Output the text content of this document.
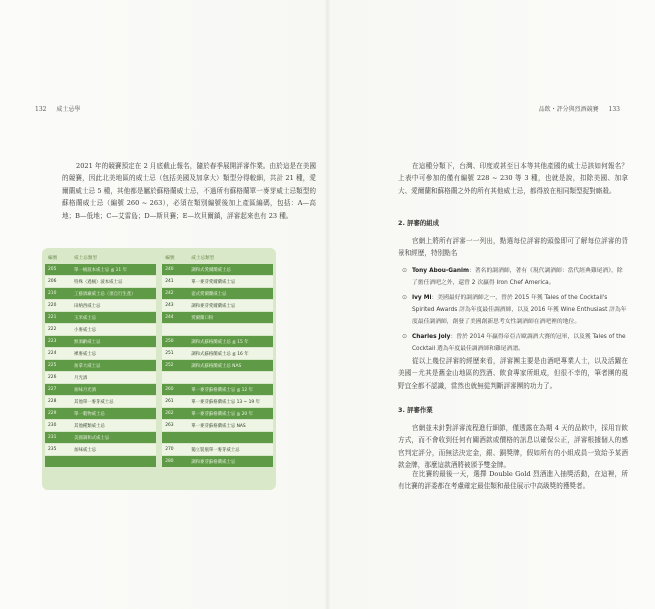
132 威士忌學

2021 年的競賽預定在 2 月底截止報名，隨於春季展開評審作業。由於這是在美國的競賽，因此北美地區的威士忌（包括美國及加拿大）類型分得較細，共計 21 種，愛爾蘭威士忌 5 種，其他都是屬於蘇格蘭威士忌，不過所有蘇格蘭單一麥芽威士忌類型的蘇格蘭威士忌（編號 260 ~ 263），必須在類別編號後加上產區編碼，包括：A—高地；B—低地；C—艾雷島；D—斯貝賽；E—坎貝爾鎮，評審起來也有 23 種。

編號	威士忌類型		編號	威士忌類型
205	單一桶波本威士忌 ≦ 11 年		240	調和式愛爾蘭威士忌
206	特殊（過桶）波本威士忌		241	單一麥芽愛爾蘭威士忌
210	工藝酒廠威士忌（須自行生產）		242	壺式愛爾蘭威士忌
220	田納西威士忌		243	調和麥芽愛爾蘭威士忌
221	玉米威士忌		244	愛爾蘭口粉
222	小麥威士忌			
223	無酒齡威士忌		250	調和式蘇格蘭威士忌 ≦ 15 年
224	裸麥威士忌		251	調和式蘇格蘭威士忌 ≦ 16 年
225	加拿大威士忌		252	調和式蘇格蘭威士忌 NAS
226	月光酒			
227	加味月光酒		260	單一麥芽蘇格蘭威士忌 ≦ 12 年
228	其他單一麥芽威士忌		261	單一麥芽蘇格蘭威士忌 13 ~ 19 年
229	單一穀物威士忌		262	單一麥芽蘇格蘭威士忌 ≧ 20 年
230	其他種類威士忌		263	單一麥芽蘇格蘭威士忌 NAS
231	美國調和式威士忌			
235	加味威士忌		270	獨立裝瓶單一麥芽威士忌
			280	調和麥芽蘇格蘭威士忌
品飲・評分與烈酒競賽 133

在這種分類下，台灣、印度或甚至日本等其他產國的威士忌該如何報名？上表中可參加的僅有編號 228 ~ 230 等 3 種，也就是說，扣除美國、加拿大、愛爾蘭和蘇格蘭之外的所有其他威士忌，都得放在相同類型捉對廝殺。

2. 評審的組成

官網上將所有評審一一列出，點選每位評審的頭像即可了解每位評審的背景和經歷，特別點名

⊙ Tony Abou-Ganim：著名的調酒師，著有《現代調酒師：當代經典雞尾酒》，除了擔任酒吧之外，還曾 2 次贏得 Iron Chef America。
⊙ Ivy Mi：美國最好的調酒師之一，曾於 2015 年獲 Tales of the Cocktail's Spirited Awards 評為年度最佳調酒師，以及 2016 年獲 Wine Enthusiast 評為年度最佳調酒師，創發了美國創新思考女性調酒師在酒吧裡的地位。
⊙ Charles Joly：曾於 2014 年贏得帝亞吉歐調酒大賽的冠軍，以及獲 Tales of the Cocktail 選為年度最佳調酒師和雞尾酒譜。

從以上幾位評審的經歷來看，評審團主要是由酒吧專業人士，以及活躍在美國－尤其是舊金山地區的烈酒、飲食專家所組成，但很不幸的，筆者團的視野宜全都不認識，當然也就無從判斷評審團的功力了。

3. 評審作業

官網並未針對評審流程進行細節，僅透露在為期 4 天的品飲中，採用盲飲方式，而不會收到任何有關酒款或價格的訊息以確保公正，評審根據個人的感官判定評分，而無法決定金，銀、銅獎牌，假如所有的小組成員一致給予某酒款金牌，那麼這款酒將被頒予雙金牌。

在比賽的最後一天，選擇 Double Gold 烈酒進入抽獎活動，在這裡，所有比賽的評委都在考慮確定最佳類和最佳展示中高級獎的獲獎者。
